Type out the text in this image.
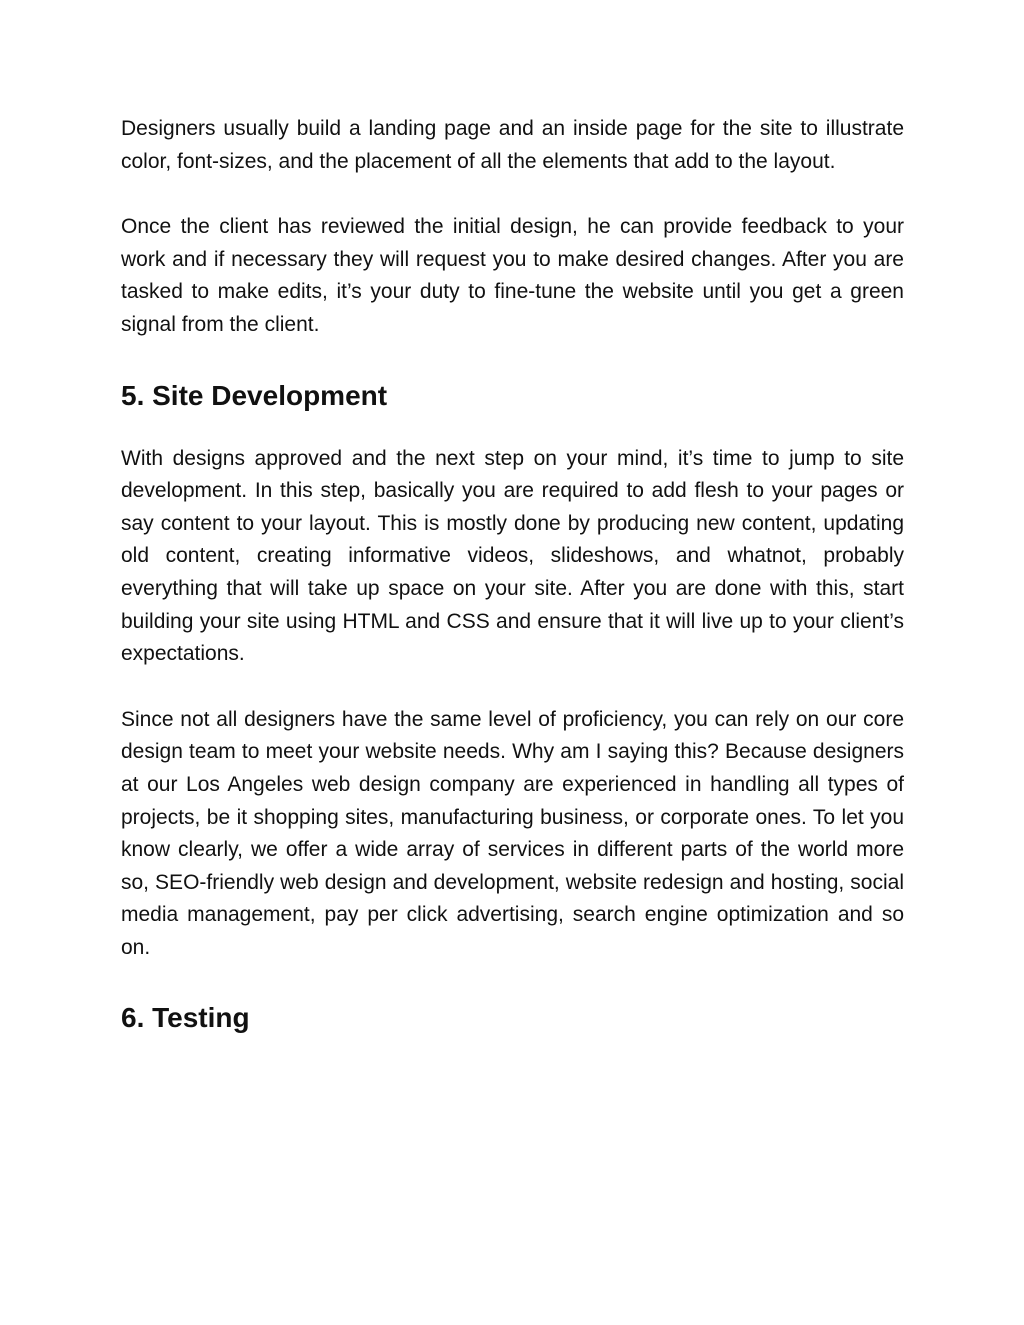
Designers usually build a landing page and an inside page for the site to illustrate color, font-sizes, and the placement of all the elements that add to the layout.

Once the client has reviewed the initial design, he can provide feedback to your work and if necessary they will request you to make desired changes. After you are tasked to make edits, it’s your duty to fine-tune the website until you get a green signal from the client.

5. Site Development

With designs approved and the next step on your mind, it’s time to jump to site development. In this step, basically you are required to add flesh to your pages or say content to your layout. This is mostly done by producing new content, updating old content, creating informative videos, slideshows, and whatnot, probably everything that will take up space on your site. After you are done with this, start building your site using HTML and CSS and ensure that it will live up to your client’s expectations.

Since not all designers have the same level of proficiency, you can rely on our core design team to meet your website needs. Why am I saying this? Because designers at our Los Angeles web design company are experienced in handling all types of projects, be it shopping sites, manufacturing business, or corporate ones. To let you know clearly, we offer a wide array of services in different parts of the world more so, SEO-friendly web design and development, website redesign and hosting, social media management, pay per click advertising, search engine optimization and so on.

6. Testing
